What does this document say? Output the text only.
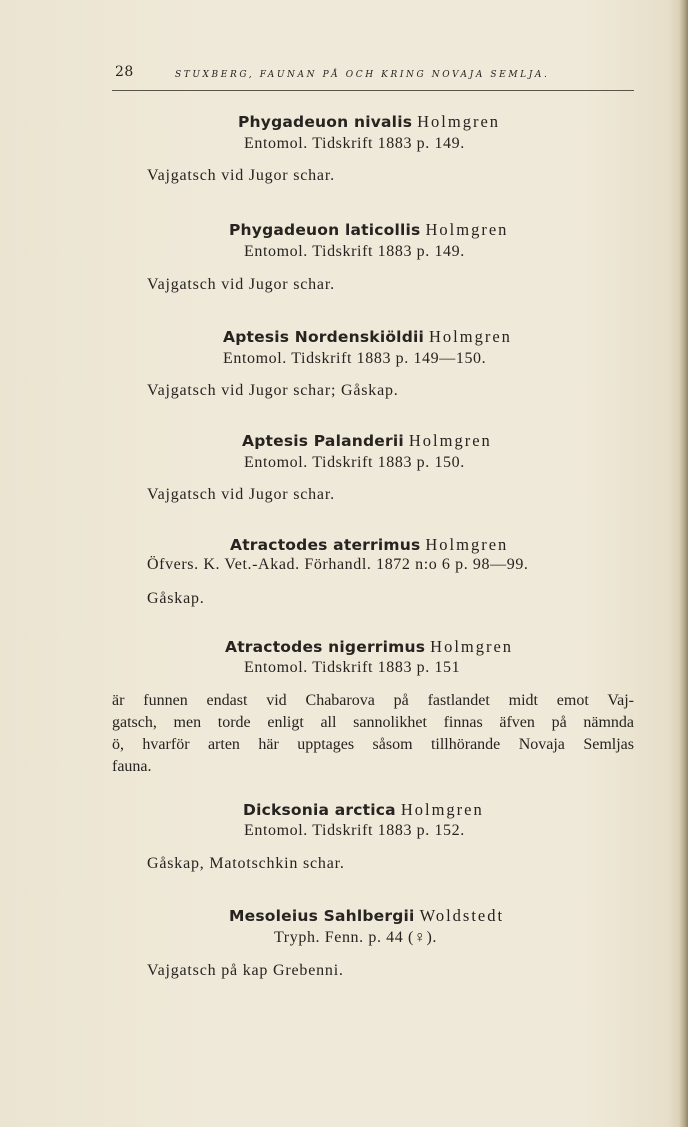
28	STUXBERG, FAUNAN PÅ OCH KRING NOVAJA SEMLJA.
Phygadeuon nivalis Holmgren
Entomol. Tidskrift 1883 p. 149.
Vajgatsch vid Jugor schar.
Phygadeuon laticollis Holmgren
Entomol. Tidskrift 1883 p. 149.
Vajgatsch vid Jugor schar.
Aptesis Nordenskiöldii Holmgren
Entomol. Tidskrift 1883 p. 149—150.
Vajgatsch vid Jugor schar; Gåskap.
Aptesis Palanderii Holmgren
Entomol. Tidskrift 1883 p. 150.
Vajgatsch vid Jugor schar.
Atractodes aterrimus Holmgren
Öfvers. K. Vet.-Akad. Förhandl. 1872 n:o 6 p. 98—99.
Gåskap.
Atractodes nigerrimus Holmgren
Entomol. Tidskrift 1883 p. 151
är funnen endast vid Chabarova på fastlandet midt emot Vaj-
gatsch, men torde enligt all sannolikhet finnas äfven på nämnda
ö, hvarför arten här upptages såsom tillhörande Novaja Semljas
fauna.
Dicksonia arctica Holmgren
Entomol. Tidskrift 1883 p. 152.
Gåskap, Matotschkin schar.
Mesoleius Sahlbergii Woldstedt
Tryph. Fenn. p. 44 (♀).
Vajgatsch på kap Grebenni.
